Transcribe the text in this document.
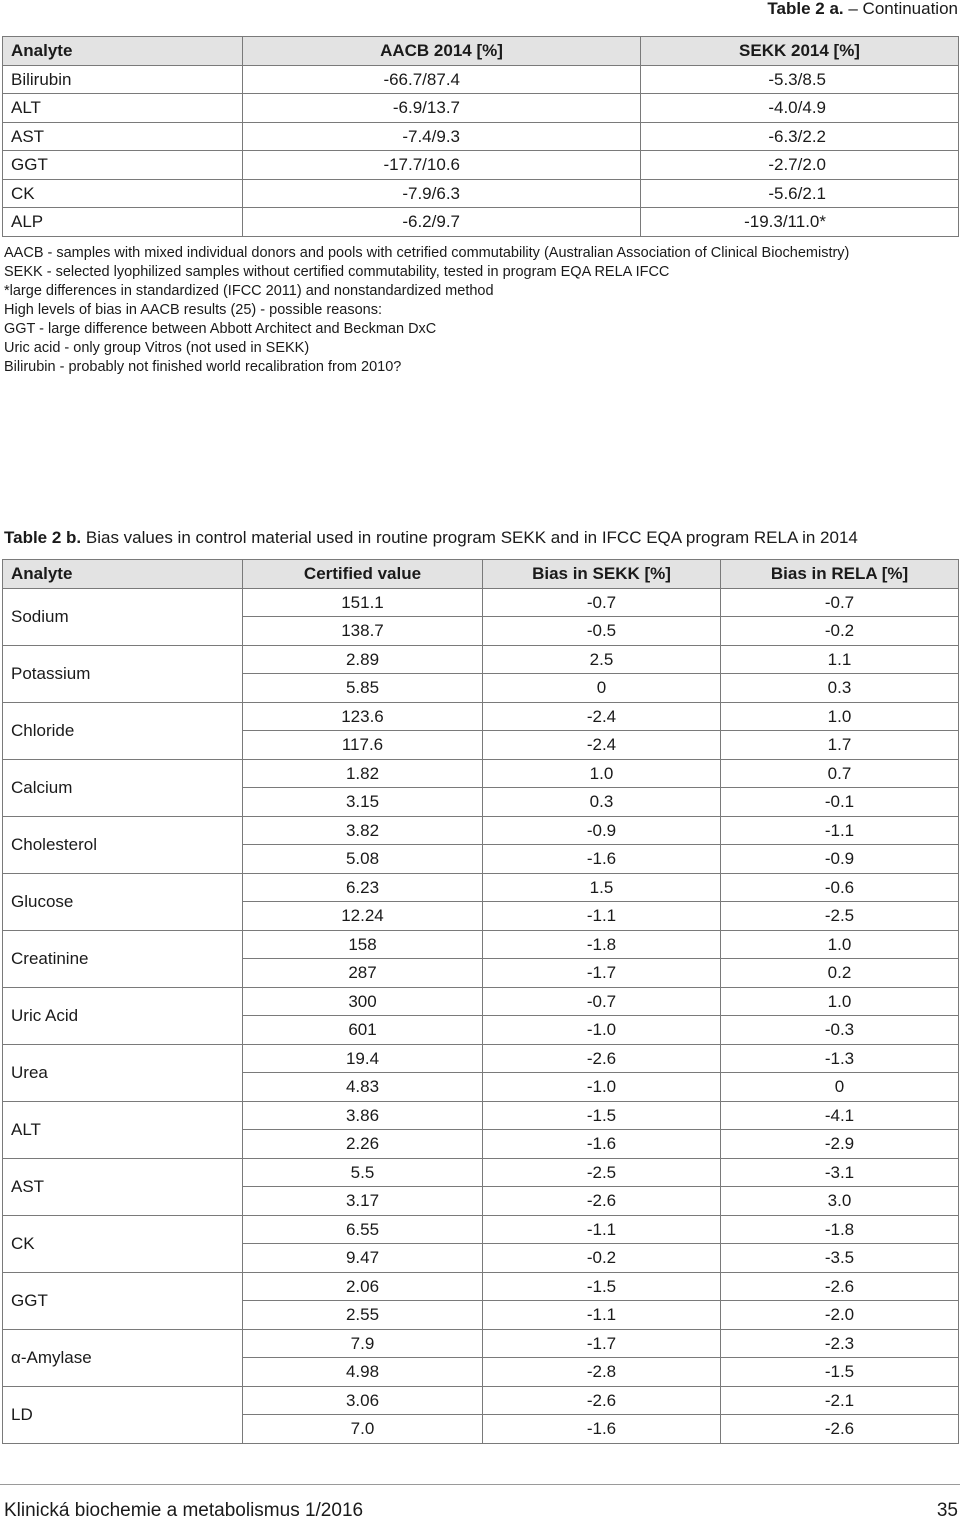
Table 2 a. – Continuation
Analyte	AACB 2014 [%]	SEKK 2014 [%]
Bilirubin	-66.7/87.4	-5.3/8.5
ALT	-6.9/13.7	-4.0/4.9
AST	-7.4/9.3	-6.3/2.2
GGT	-17.7/10.6	-2.7/2.0
CK	-7.9/6.3	-5.6/2.1
ALP	-6.2/9.7	-19.3/11.0*
AACB - samples with mixed individual donors and pools with cetrified commutability (Australian Association of Clinical Biochemistry)
SEKK - selected lyophilized samples without certified commutability, tested in program EQA RELA IFCC
*large differences in standardized (IFCC 2011) and nonstandardized method
High levels of bias in AACB results (25) - possible reasons:
GGT - large difference between Abbott Architect and Beckman DxC
Uric acid - only group Vitros (not used in SEKK)
Bilirubin - probably not finished world recalibration from 2010?
Table 2 b. Bias values in control material used in routine program SEKK and in IFCC EQA program RELA in 2014
Analyte	Certified value	Bias in SEKK [%]	Bias in RELA [%]
Sodium	151.1	-0.7	-0.7
	138.7	-0.5	-0.2
Potassium	2.89	2.5	1.1
	5.85	0	0.3
Chloride	123.6	-2.4	1.0
	117.6	-2.4	1.7
Calcium	1.82	1.0	0.7
	3.15	0.3	-0.1
Cholesterol	3.82	-0.9	-1.1
	5.08	-1.6	-0.9
Glucose	6.23	1.5	-0.6
	12.24	-1.1	-2.5
Creatinine	158	-1.8	1.0
	287	-1.7	0.2
Uric Acid	300	-0.7	1.0
	601	-1.0	-0.3
Urea	19.4	-2.6	-1.3
	4.83	-1.0	0
ALT	3.86	-1.5	-4.1
	2.26	-1.6	-2.9
AST	5.5	-2.5	-3.1
	3.17	-2.6	3.0
CK	6.55	-1.1	-1.8
	9.47	-0.2	-3.5
GGT	2.06	-1.5	-2.6
	2.55	-1.1	-2.0
α-Amylase	7.9	-1.7	-2.3
	4.98	-2.8	-1.5
LD	3.06	-2.6	-2.1
	7.0	-1.6	-2.6
Klinická biochemie a metabolismus 1/2016	35
